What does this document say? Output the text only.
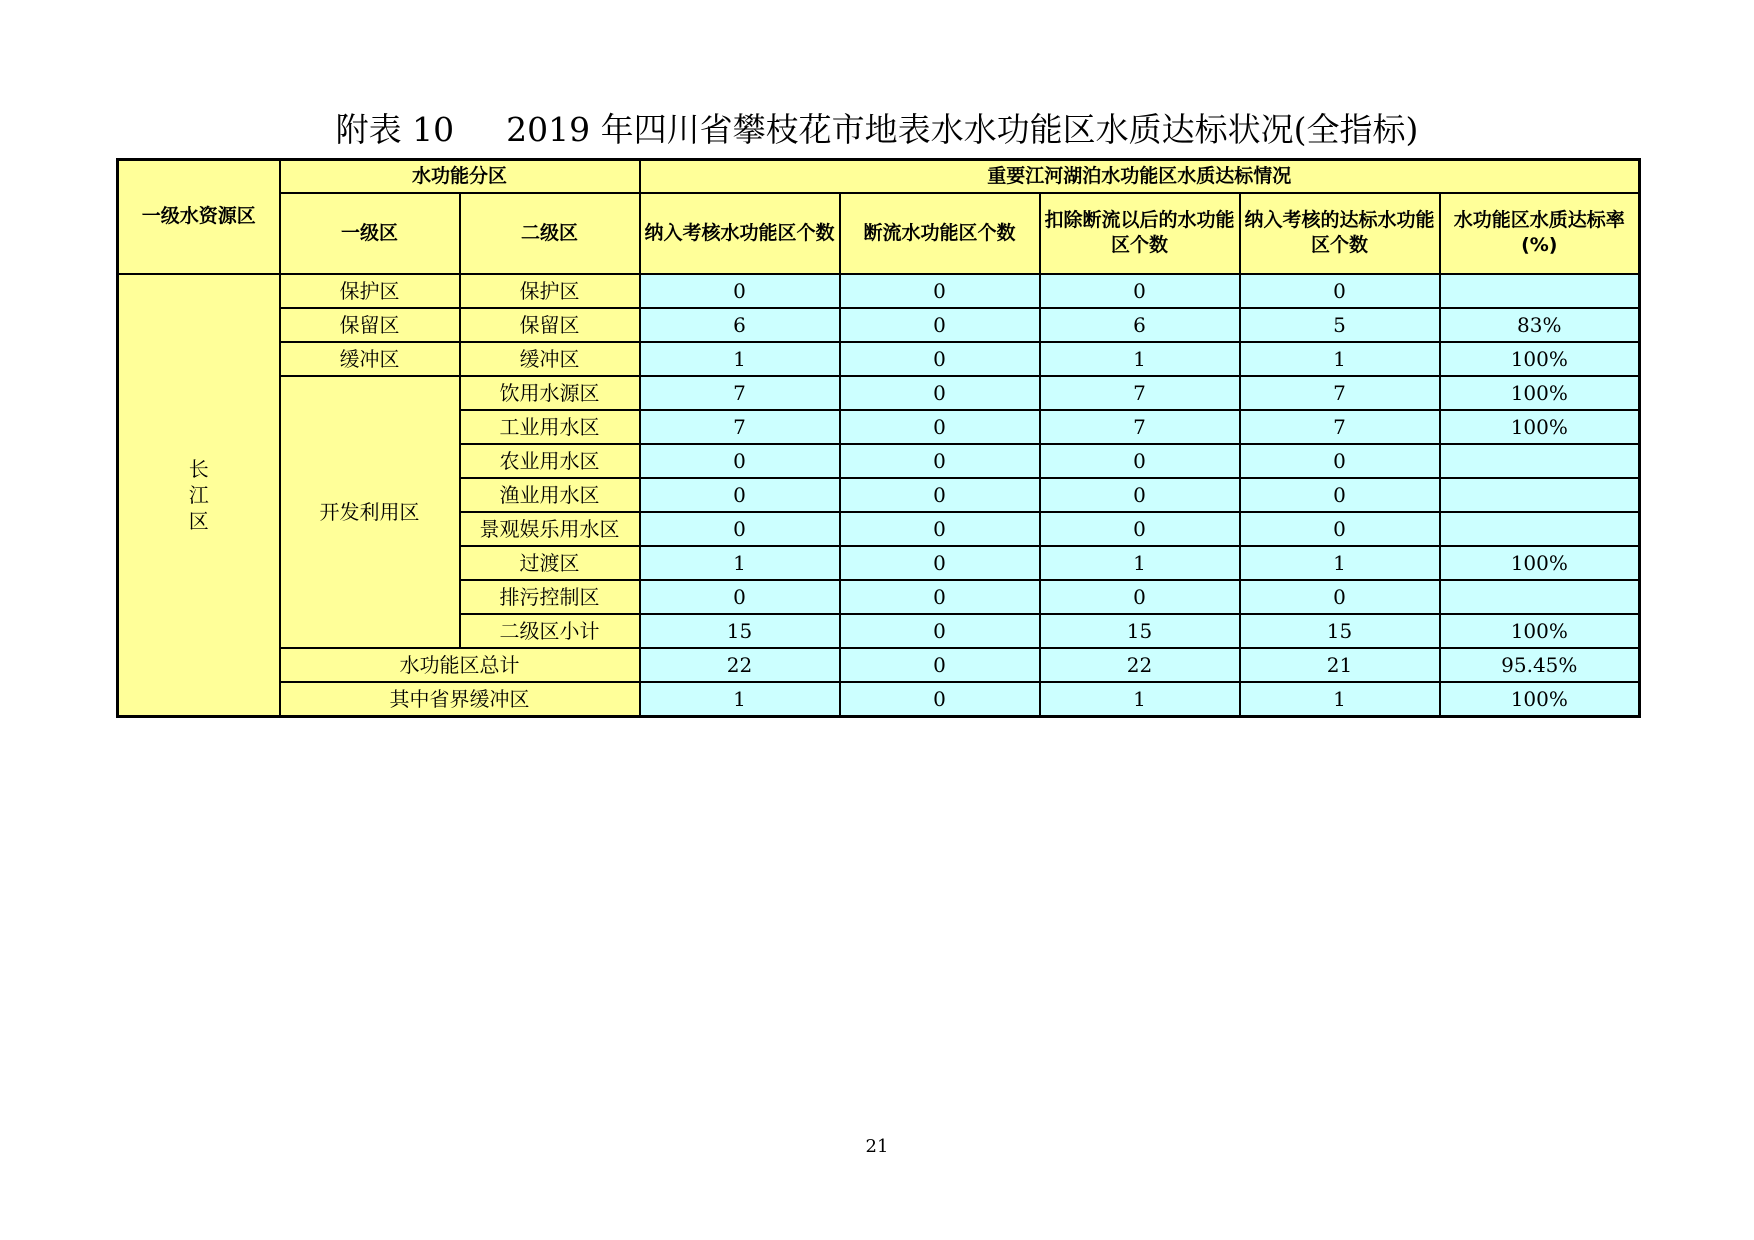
附表 10 2019 年四川省攀枝花市地表水水功能区水质达标状况(全指标)
一级水资源区	水功能分区		重要江河湖泊水功能区水质达标情况				
	一级区	二级区	纳入考核水功能区个数	断流水功能区个数	扣除断流以后的水功能区个数	纳入考核的达标水功能区个数	水功能区水质达标率(%)
长江区	保护区	保护区	0	0	0	0	
	保留区	保留区	6	0	6	5	83%
	缓冲区	缓冲区	1	0	1	1	100%
	开发利用区	饮用水源区	7	0	7	7	100%
		工业用水区	7	0	7	7	100%
		农业用水区	0	0	0	0	
		渔业用水区	0	0	0	0	
		景观娱乐用水区	0	0	0	0	
		过渡区	1	0	1	1	100%
		排污控制区	0	0	0	0	
		二级区小计	15	0	15	15	100%
	水功能区总计		22	0	22	21	95.45%
	其中省界缓冲区		1	0	1	1	100%
21
